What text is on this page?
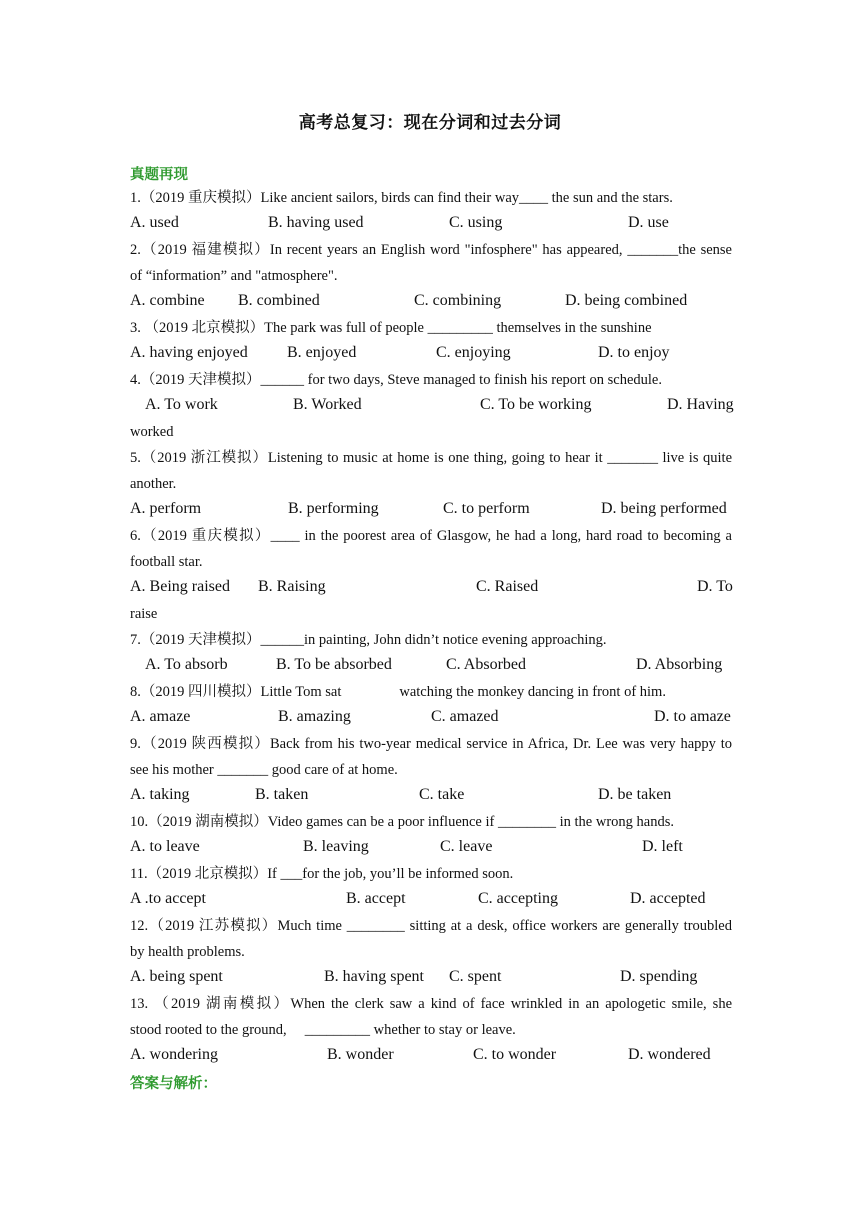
高考总复习：现在分词和过去分词
真题再现
1.（2019 重庆模拟）Like ancient sailors, birds can find their way____ the sun and the stars.
A. used	B. having used	C. using	D. use
2.（2019 福建模拟）In recent years an English word "infosphere" has appeared, _______the sense
of “information” and "atmosphere".
A. combine B. combined	C. combining	D. being combined
3. （2019 北京模拟）The park was full of people _________ themselves in the sunshine
A. having enjoyed B. enjoyed	C. enjoying	D. to enjoy
4.（2019 天津模拟）______ for two days, Steve managed to finish his report on schedule.
A. To work	B. Worked	C. To be working	D. Having
worked
5.（2019 浙江模拟）Listening to music at home is one thing, going to hear it _______ live is quite
another.
A. perform	B. performing	C. to perform	D. being performed
6.（2019 重庆模拟）____ in the poorest area of Glasgow, he had a long, hard road to becoming a
football star.
A. Being raised B. Raising	C. Raised	D. To
raise
7.（2019 天津模拟）______in painting, John didn’t notice evening approaching.
A. To absorb	B. To be absorbed	C. Absorbed	D. Absorbing
8.（2019 四川模拟）Little Tom sat                watching the monkey dancing in front of him.
A. amaze	B. amazing	C. amazed	D. to amaze
9.（2019 陕西模拟）Back from his two-year medical service in Africa, Dr. Lee was very happy to
see his mother _______ good care of at home.
A. taking	B. taken	C. take	D. be taken
10.（2019 湖南模拟）Video games can be a poor influence if ________ in the wrong hands.
A. to leave	B. leaving	C. leave	D. left
11.（2019 北京模拟）If ___for the job, you’ll be informed soon.
A .to accept	B. accept	C. accepting	D. accepted
12.（2019 江苏模拟）Much time ________ sitting at a desk, office workers are generally troubled
by health problems.
A. being spent	B. having spent C. spent	D. spending
13. （2019 湖南模拟）When the clerk saw a kind of face wrinkled in an apologetic smile, she
stood rooted to the ground,     _________ whether to stay or leave.
A. wondering	B. wonder	C. to wonder	D. wondered
答案与解析：
